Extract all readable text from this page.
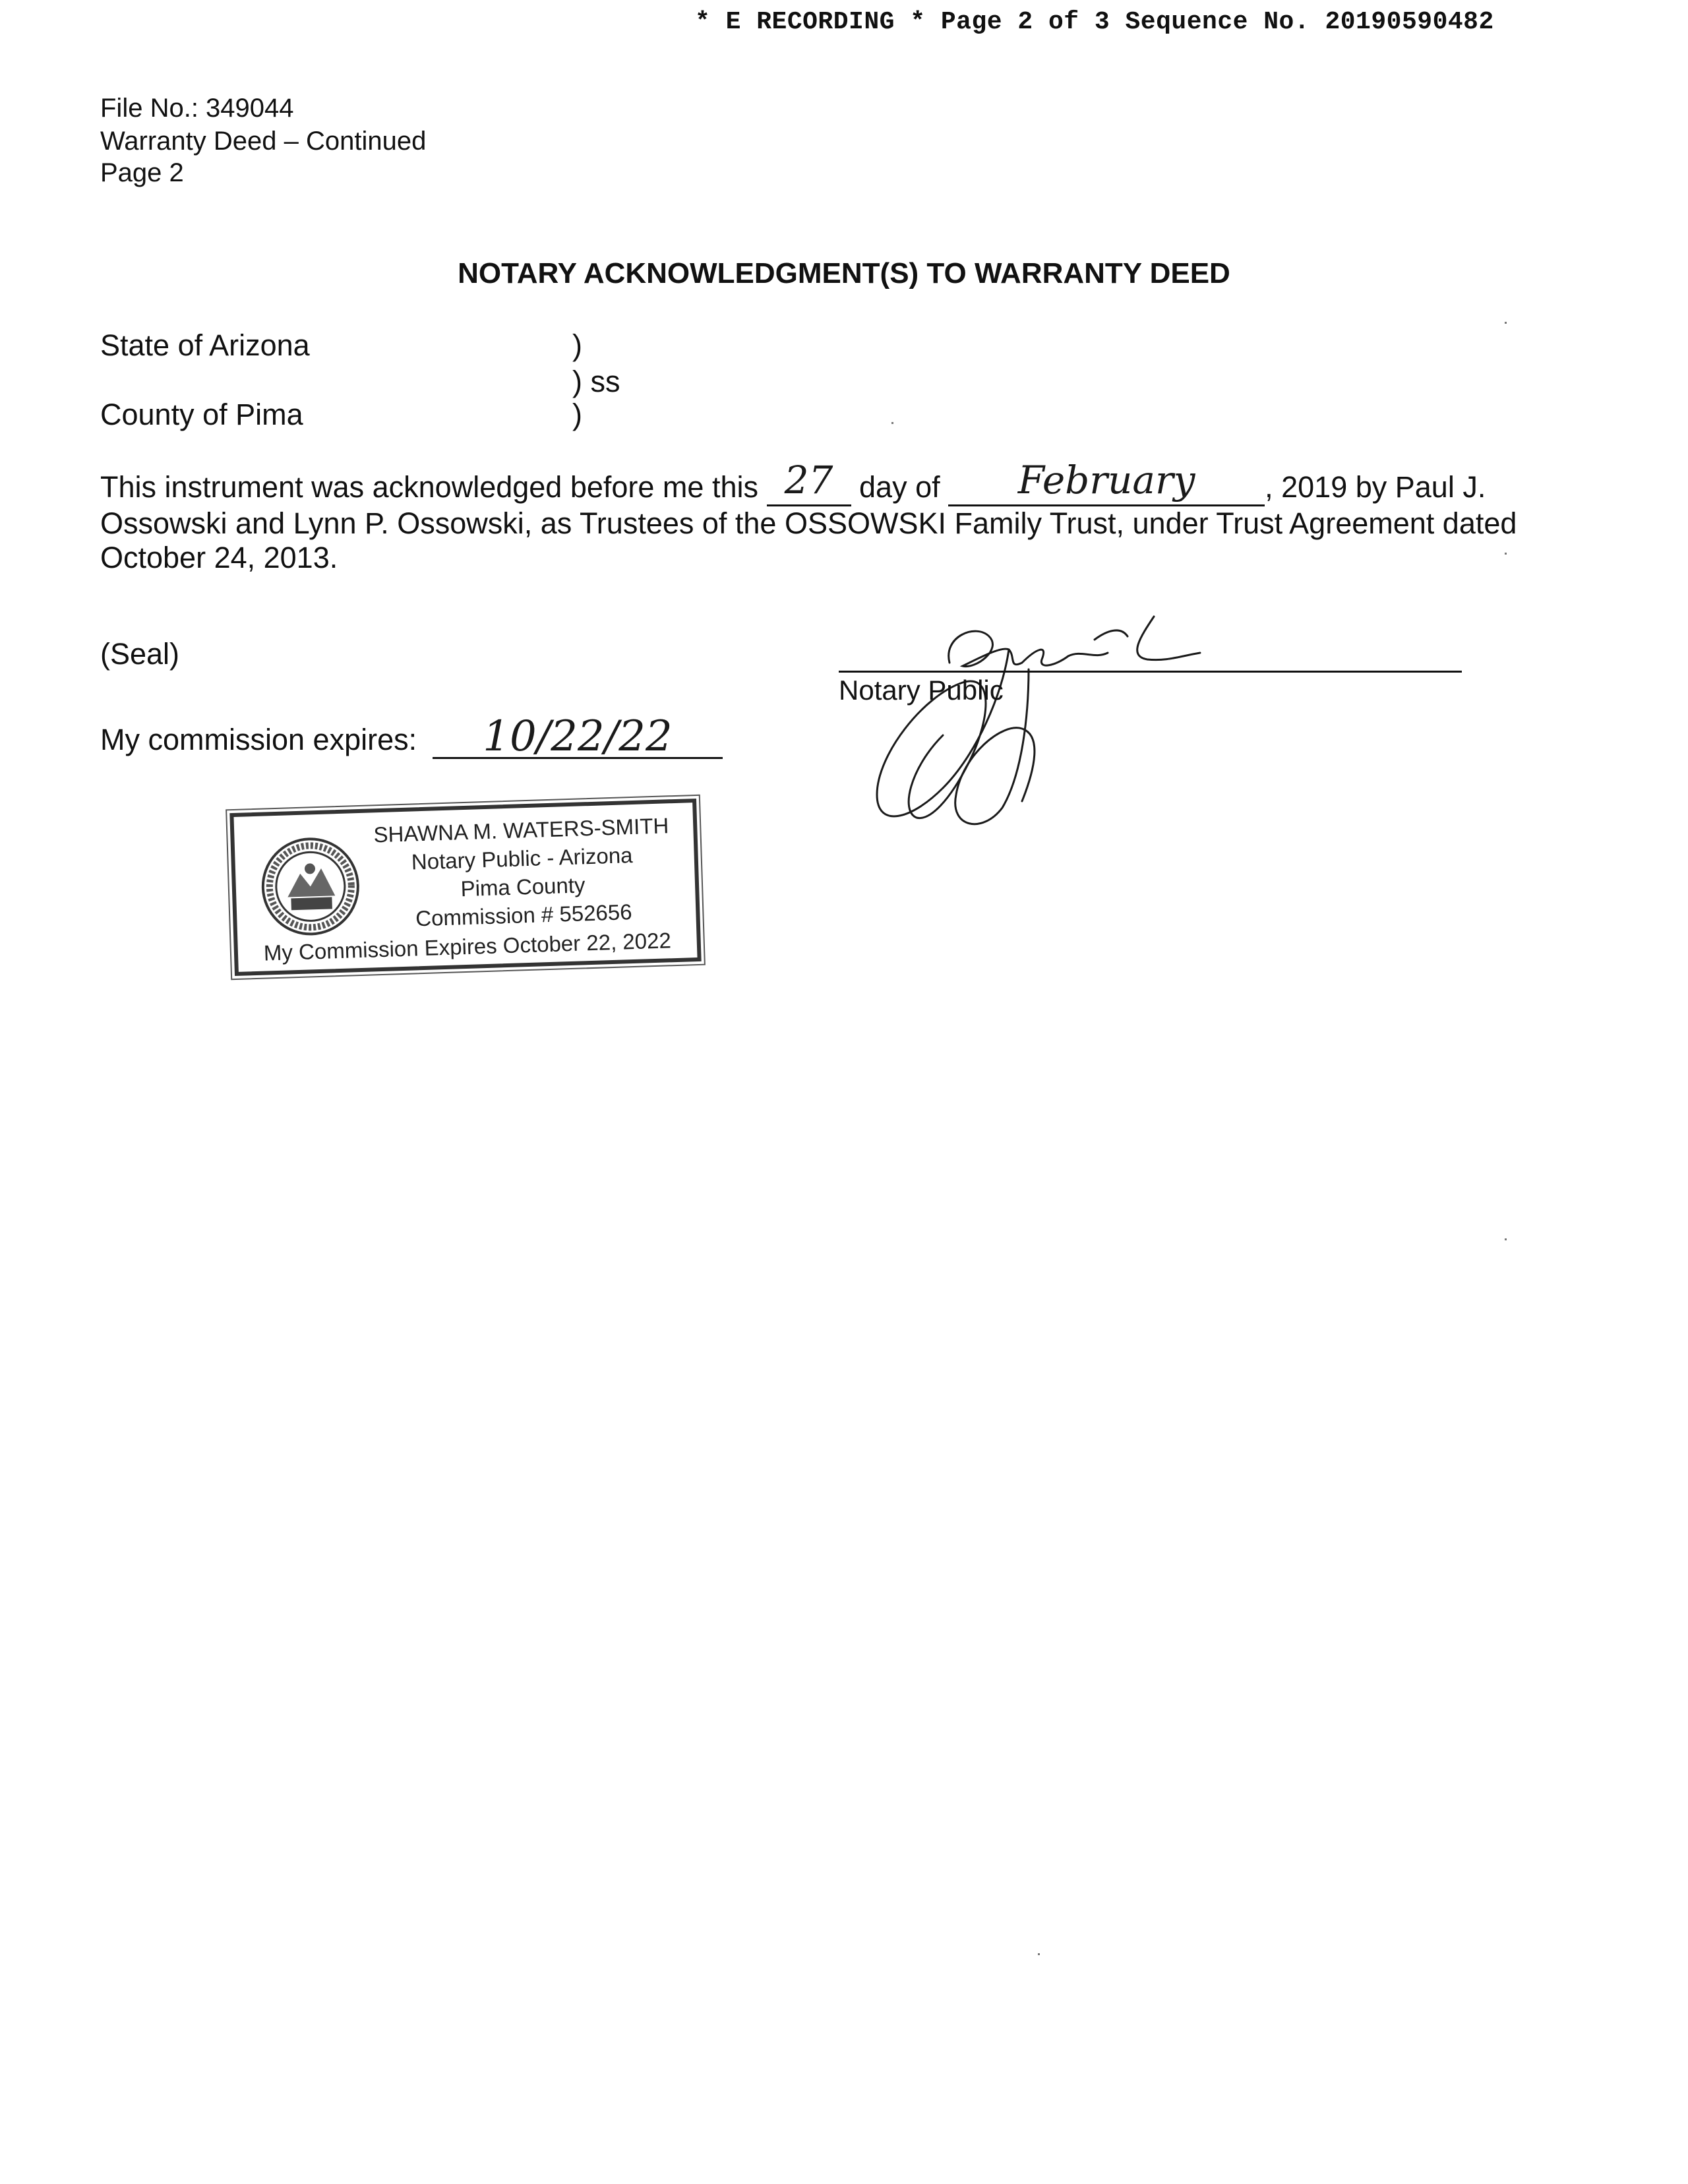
* E RECORDING * Page 2 of 3 Sequence No. 20190590482
File No.: 349044
Warranty Deed – Continued
Page 2
NOTARY ACKNOWLEDGMENT(S) TO WARRANTY DEED
State of Arizona	)
) ss
County of Pima	)
This instrument was acknowledged before me this 27 day of February , 2019 by Paul J. Ossowski and Lynn P. Ossowski, as Trustees of the OSSOWSKI Family Trust, under Trust Agreement dated October 24, 2013.
(Seal)
Notary Public
My commission expires:	10/22/22
SHAWNA M. WATERS-SMITH
Notary Public - Arizona
Pima County
Commission # 552656
My Commission Expires October 22, 2022
